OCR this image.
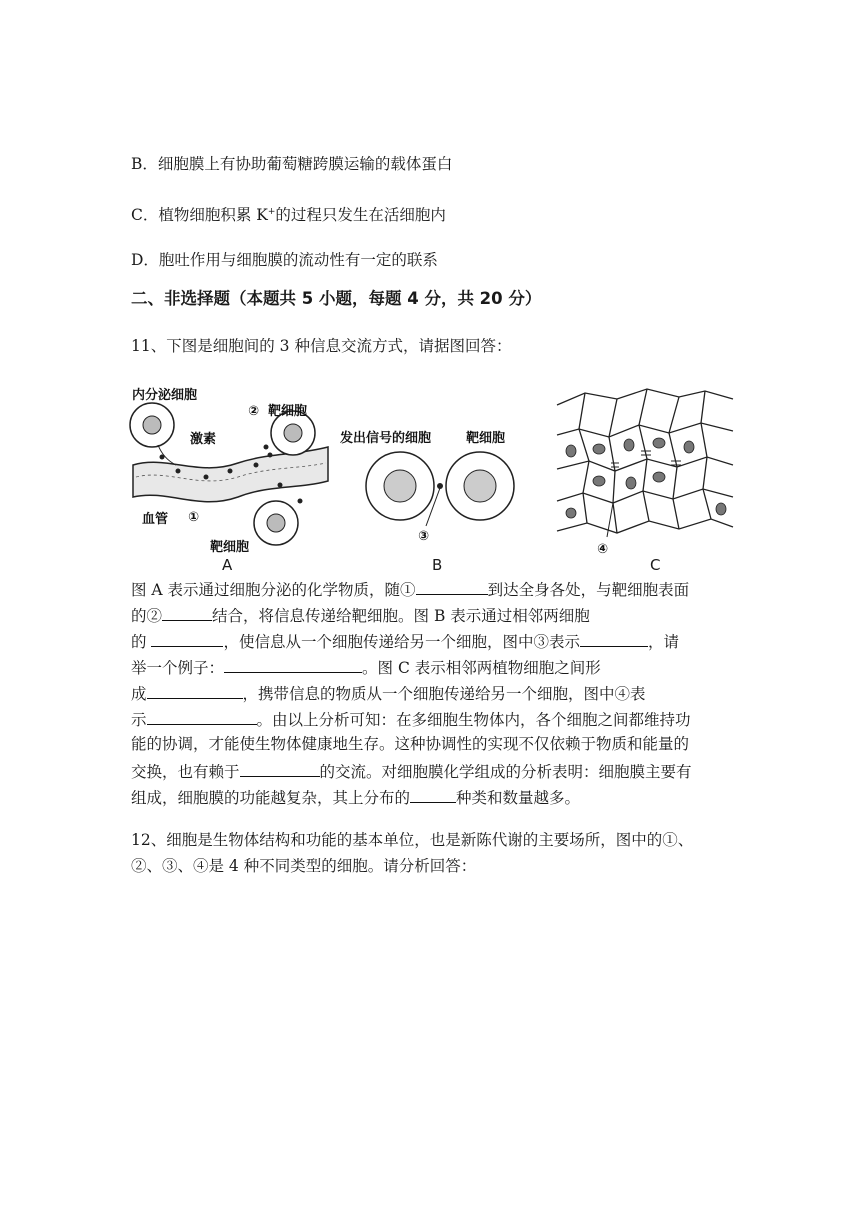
B．细胞膜上有协助葡萄糖跨膜运输的载体蛋白
C．植物细胞积累 K+的过程只发生在活细胞内
D．胞吐作用与细胞膜的流动性有一定的联系
二、非选择题（本题共 5 小题，每题 4 分，共 20 分）
11、下图是细胞间的 3 种信息交流方式，请据图回答：
内分泌细胞
激素
② 靶细胞
血管 ①
靶细胞
A
发出信号的细胞	靶细胞
③
B
④
C
图 A 表示通过细胞分泌的化学物质，随①	到达全身各处，与靶细胞表面
的②	结合，将信息传递给靶细胞。图 B 表示通过相邻两细胞
的	，使信息从一个细胞传递给另一个细胞，图中③表示	，请
举一个例子：	。图 C 表示相邻两植物细胞之间形
成	，携带信息的物质从一个细胞传递给另一个细胞，图中④表
示	。由以上分析可知：在多细胞生物体内，各个细胞之间都维持功
能的协调，才能使生物体健康地生存。这种协调性的实现不仅依赖于物质和能量的
交换，也有赖于	的交流。对细胞膜化学组成的分析表明：细胞膜主要有
组成，细胞膜的功能越复杂，其上分布的	种类和数量越多。
12、细胞是生物体结构和功能的基本单位，也是新陈代谢的主要场所，图中的①、
②、③、④是 4 种不同类型的细胞。请分析回答：
